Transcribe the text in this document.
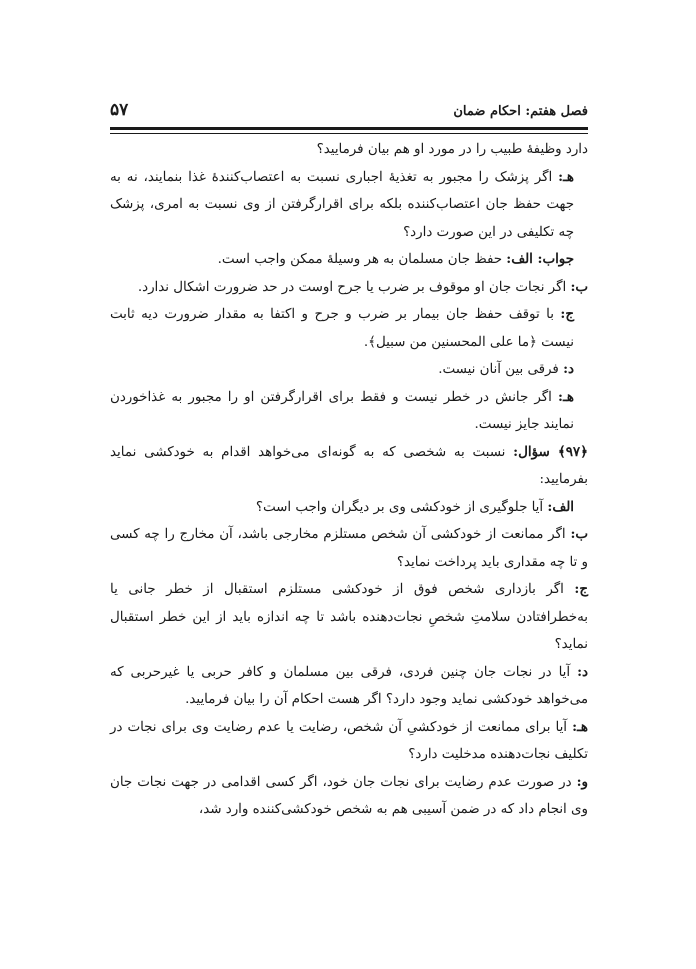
فصل هفتم: احکام ضمان
۵۷

دارد وظیفهٔ طبیب را در مورد او هم بیان فرمایید؟

هـ: اگر پزشک را مجبور به تغذیهٔ اجباری نسبت به اعتصاب‌کنندهٔ غذا بنمایند، نه به جهت حفظ جان اعتصاب‌کننده بلکه برای اقرارگرفتن از وی نسبت به امری، پزشک چه تکلیفی در این صورت دارد؟

جواب: الف: حفظ جان مسلمان به هر وسیلهٔ ممکن واجب است.

ب: اگر نجات جان او موقوف بر ضرب یا جرح اوست در حد ضرورت اشکال ندارد.

ج: با توقف حفظ جان بیمار بر ضرب و جرح و اکتفا به مقدار ضرورت دیه ثابت نیست ﴿ما علی المحسنین من سبیل﴾.

د: فرقی بین آنان نیست.

هـ: اگر جانش در خطر نیست و فقط برای اقرارگرفتن او را مجبور به غذاخوردن نمایند جایز نیست.

﴿۹۷﴾ سؤال: نسبت به شخصی که به گونه‌ای می‌خواهد اقدام به خودکشی نماید بفرمایید:

الف: آیا جلوگیری از خودکشی وی بر دیگران واجب است؟

ب: اگر ممانعت از خودکشی آن شخص مستلزم مخارجی باشد، آن مخارج را چه کسی و تا چه مقداری باید پرداخت نماید؟

ج: اگر بازداری شخص فوق از خودکشی مستلزم استقبال از خطر جانی یا به‌خطرافتادن سلامتِ شخصِ نجات‌دهنده باشد تا چه اندازه باید از این خطر استقبال نماید؟

د: آیا در نجات جان چنین فردی، فرقی بین مسلمان و کافر حربی یا غیرحربی که می‌خواهد خودکشی نماید وجود دارد؟ اگر هست احکام آن را بیان فرمایید.

هـ: آیا برای ممانعت از خودکشیِ آن شخص، رضایت یا عدم رضایت وی برای نجات در تکلیف نجات‌دهنده مدخلیت دارد؟

و: در صورت عدم رضایت برای نجات جان خود، اگر کسی اقدامی در جهت نجات جان وی انجام داد که در ضمن آسیبی هم به شخص خودکشی‌کننده وارد شد،
